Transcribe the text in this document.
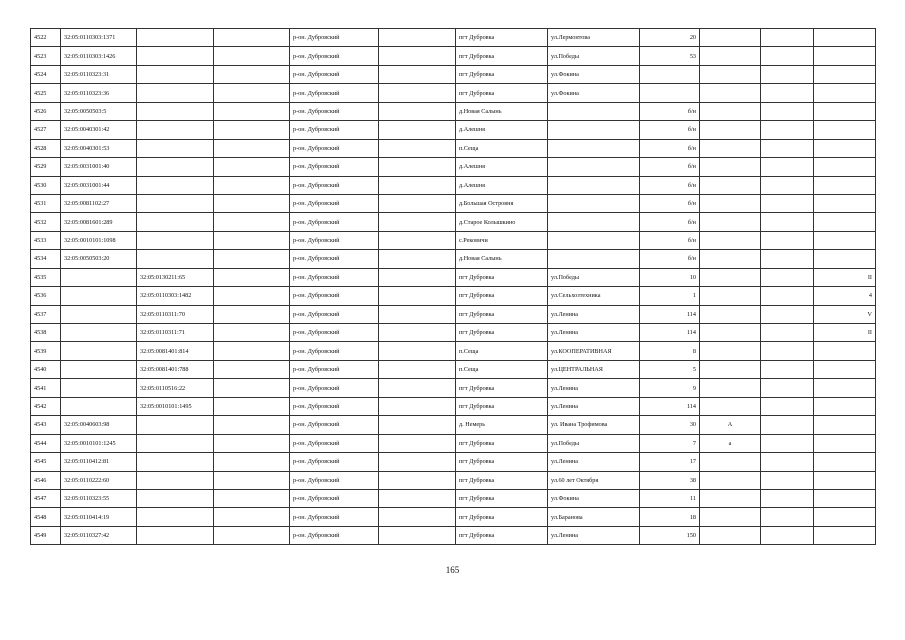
4522	32:05:0110303:1371			р-он. Дубровский		пгт Дубровка	ул.Лермонтова	20			
4523	32:05:0110303:1426			р-он. Дубровский		пгт Дубровка	ул.Победы	53			
4524	32:05:0110323:31			р-он. Дубровский		пгт Дубровка	ул.Фокина				
4525	32:05:0110323:36			р-он. Дубровский		пгт Дубровка	ул.Фокина				
4526	32:05:0050503:5			р-он. Дубровский		д.Новая Салынь		б/н			
4527	32:05:0040301:42			р-он. Дубровский		д.Алешня		б/н			
4528	32:05:0040301:53			р-он. Дубровский		п.Сеща		б/н			
4529	32:05:0031001:40			р-он. Дубровский		д.Алешня		б/н			
4530	32:05:0031001:44			р-он. Дубровский		д.Алешня		б/н			
4531	32:05:0081102:27			р-он. Дубровский		д.Большая Островня		б/н			
4532	32:05:0081601:289			р-он. Дубровский		д.Старое Колышкино		б/н			
4533	32:05:0010101:1098			р-он. Дубровский		с.Рековичи		б/н			
4534	32:05:0050503:20			р-он. Дубровский		д.Новая Салынь		б/н			
4535		32:05:0130211:65		р-он. Дубровский		пгт Дубровка	ул.Победы	10			II
4536		32:05:0110303:1482		р-он. Дубровский		пгт Дубровка	ул.Сельхозтехника	1			4
4537		32:05:0110311:70		р-он. Дубровский		пгт Дубровка	ул.Ленина	114			V
4538		32:05:0110311:71		р-он. Дубровский		пгт Дубровка	ул.Ленина	114			II
4539		32:05:0081401:814		р-он. Дубровский		п.Сеща	ул.КООПЕРАТИВНАЯ	8			
4540		32:05:0081401:788		р-он. Дубровский		п.Сеща	ул.ЦЕНТРАЛЬНАЯ	5			
4541		32:05:0110516:22		р-он. Дубровский		пгт Дубровка	ул.Ленина	9			
4542		32:05:0010101:1495		р-он. Дубровский		пгт Дубровка	ул.Ленина	114			
4543	32:05:0040603:98			р-он. Дубровский		д. Немерь	ул. Ивана Трофимова	30	А		
4544	32:05:0010101:1245			р-он. Дубровский		пгт Дубровка	ул.Победы	7	а		
4545	32:05:0110412:81			р-он. Дубровский		пгт Дубровка	ул.Ленина	17			
4546	32:05:0110222:60			р-он. Дубровский		пгт Дубровка	ул.60 лет Октября	38			
4547	32:05:0110323:55			р-он. Дубровский		пгт Дубровка	ул.Фокина	11			
4548	32:05:0110414:19			р-он. Дубровский		пгт Дубровка	ул.Баранова	18			
4549	32:05:0110327:42			р-он. Дубровский		пгт Дубровка	ул.Ленина	150			
165
